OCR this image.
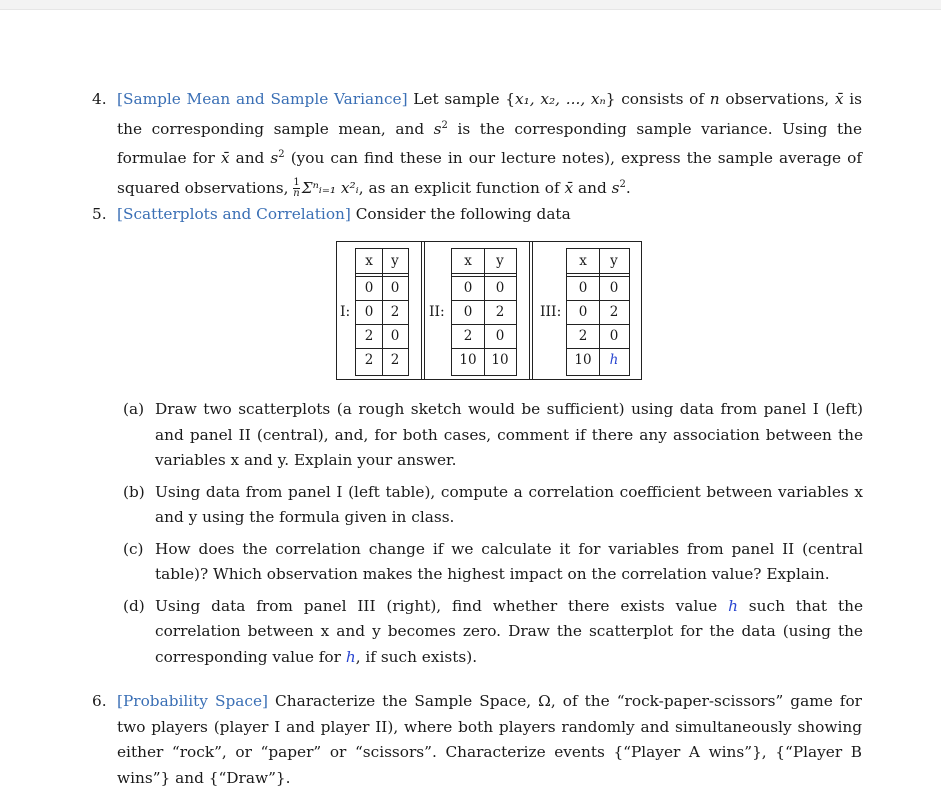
4. [Sample Mean and Sample Variance] Let sample {x₁, x₂, ..., xₙ} consists of n observations, x̄ is the corresponding sample mean, and $s^2$ is the corresponding sample variance. Using the formulae for x̄ and $s^2$ (you can find these in our lecture notes), express the sample average of squared observations, $\frac{1}{n}$ Σⁿᵢ₌₁ x²ᵢ, as an explicit function of x̄ and $s^2$.
5. [Scatterplots and Correlation] Consider the following data
I:
x	y
0	0
0	2
2	0
2	2
II:
x	y
0	0
0	2
2	0
10	10
III:
x	y
0	0
0	2
2	0
10	h
(a) Draw two scatterplots (a rough sketch would be sufficient) using data from panel I (left) and panel II (central), and, for both cases, comment if there any association between the variables x and y. Explain your answer.
(b) Using data from panel I (left table), compute a correlation coefficient between variables x and y using the formula given in class.
(c) How does the correlation change if we calculate it for variables from panel II (central table)? Which observation makes the highest impact on the correlation value? Explain.
(d) Using data from panel III (right), find whether there exists value h such that the correlation between x and y becomes zero. Draw the scatterplot for the data (using the corresponding value for h, if such exists).
6. [Probability Space] Characterize the Sample Space, Ω, of the “rock-paper-scissors” game for two players (player I and player II), where both players randomly and simultaneously showing either “rock”, or “paper” or “scissors”. Characterize events {“Player A wins”}, {“Player B wins”} and {“Draw”}.
